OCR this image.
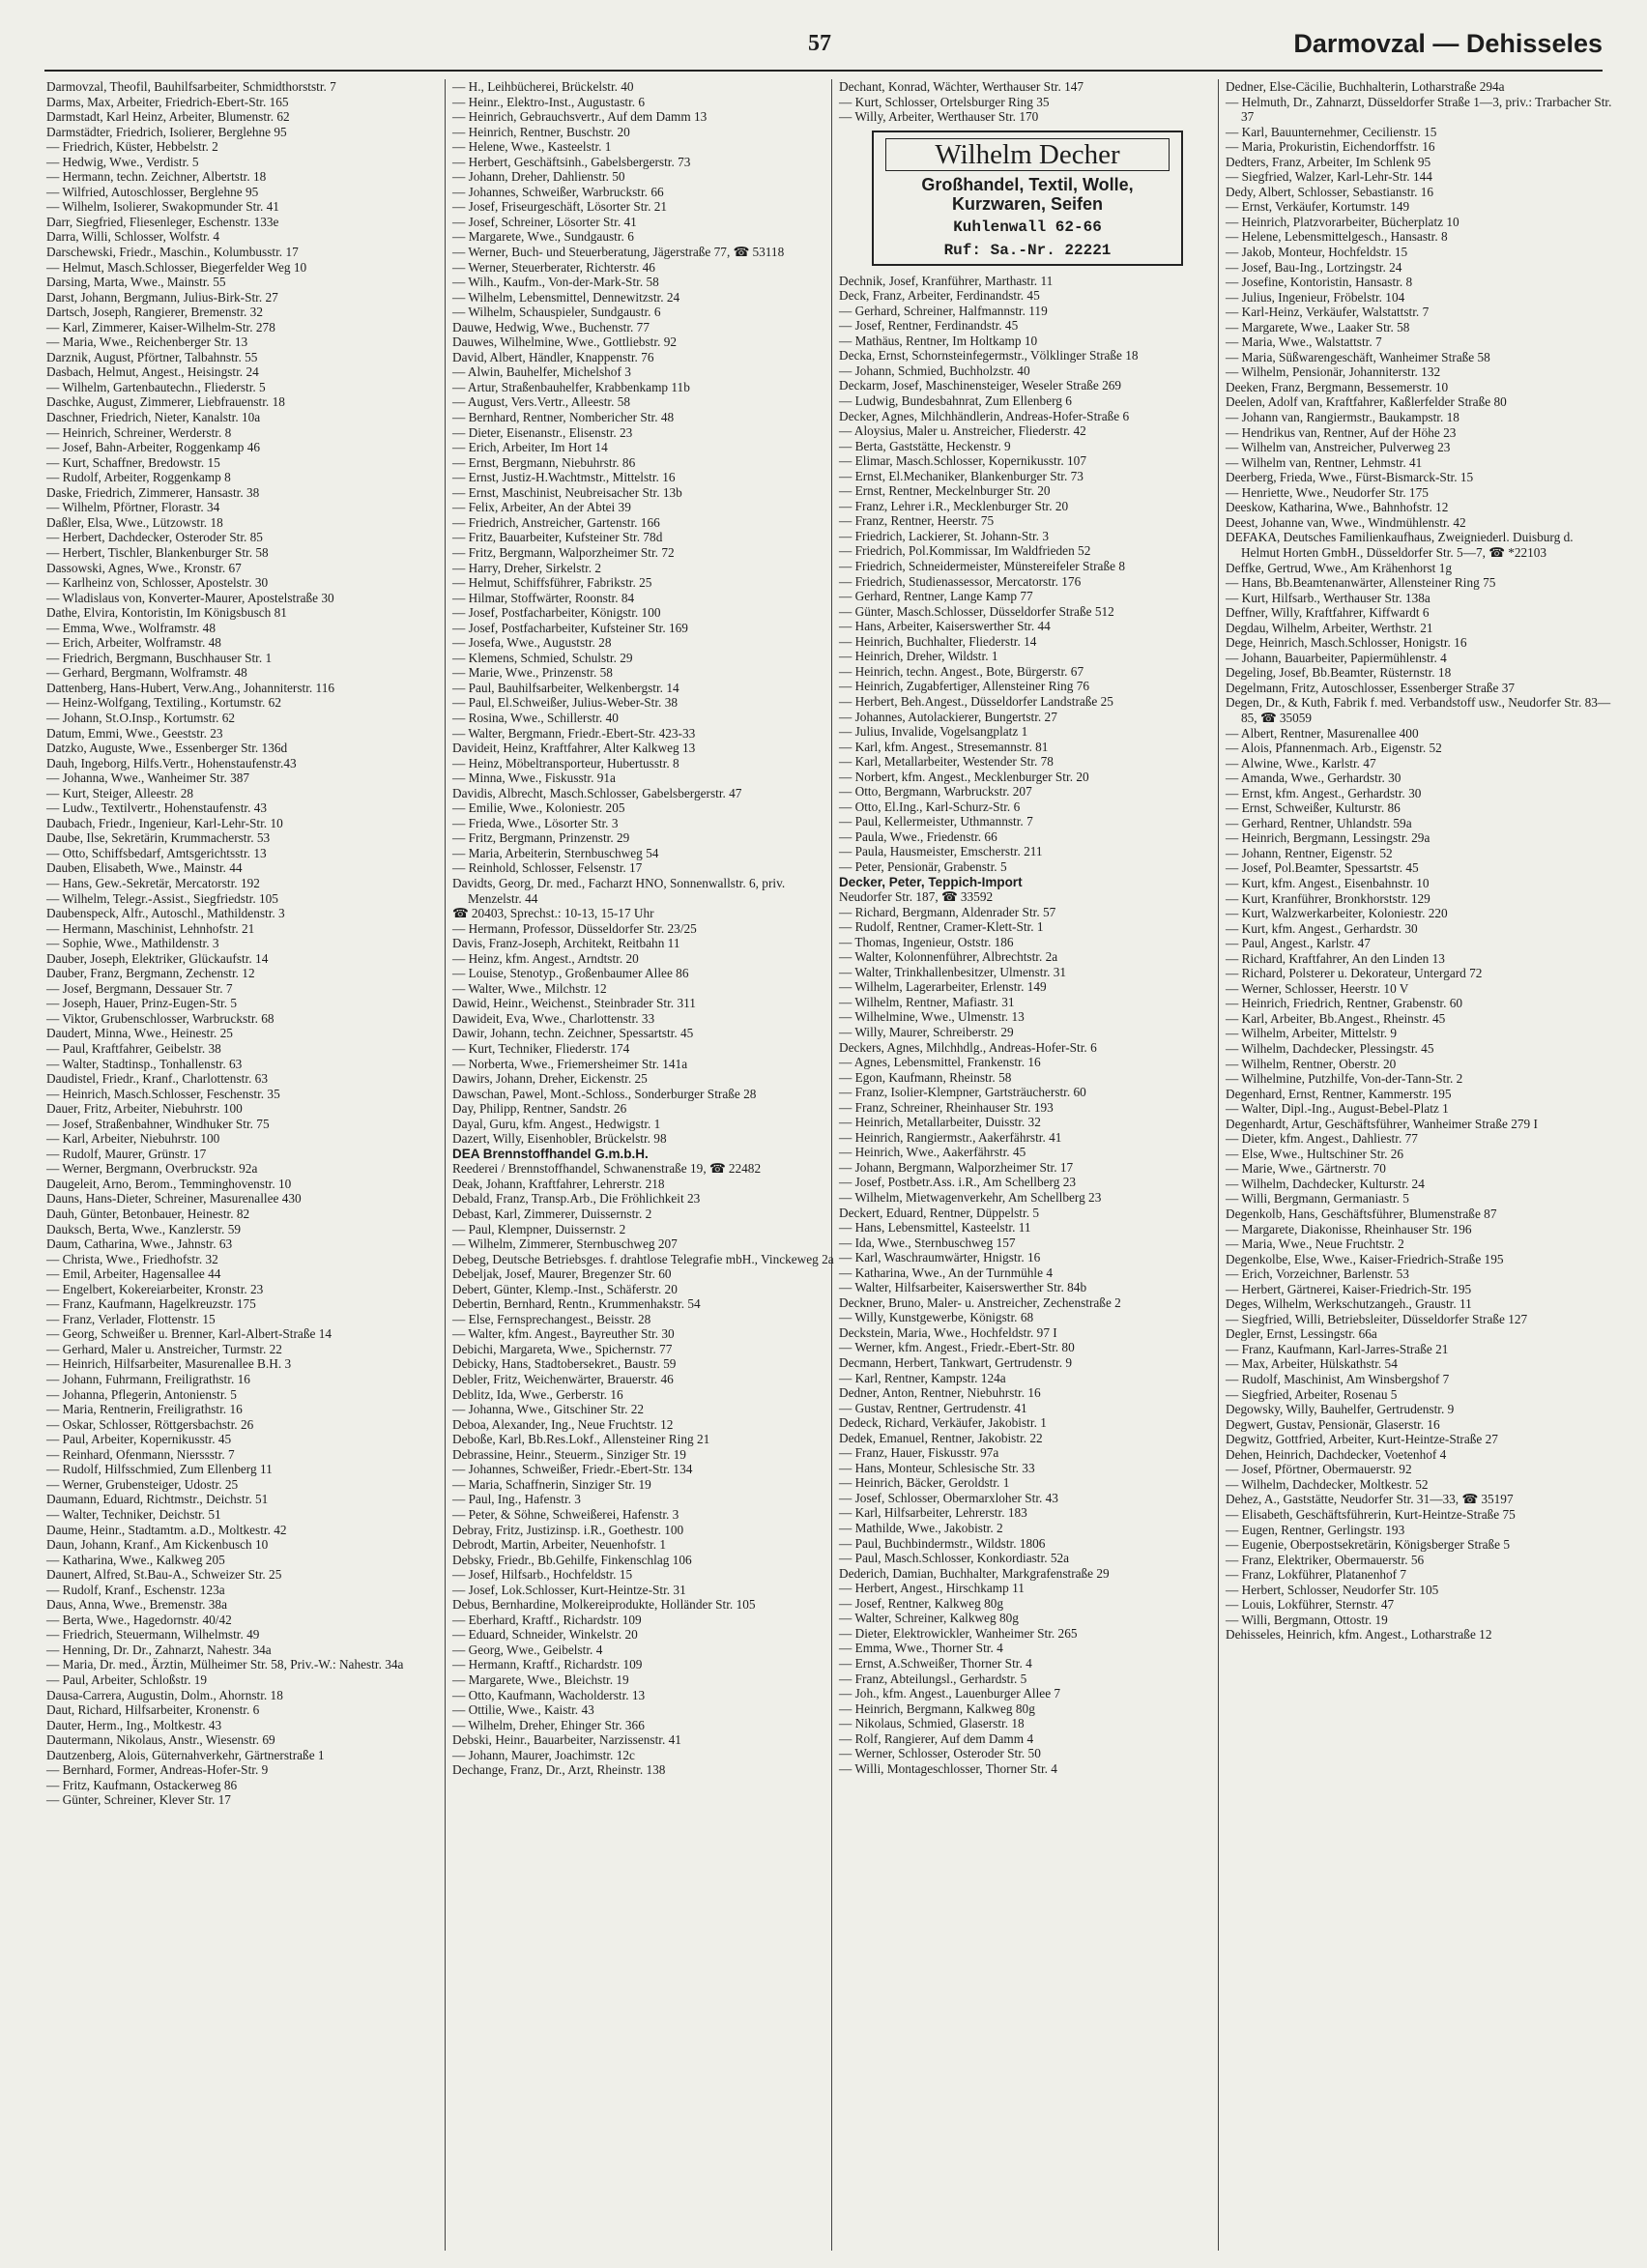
57	Darmovzal — Dehisseles
Darmovzal, Theofil, Bauhilfsarbeiter, Schmidthorststr. 7
Darms, Max, Arbeiter, Friedrich-Ebert-Str. 165
Darmstadt, Karl Heinz, Arbeiter, Blumenstr. 62
Darmstädter, Friedrich, Isolierer, Berglehne 95
— Friedrich, Küster, Hebbelstr. 2
— Hedwig, Wwe., Verdistr. 5
— Hermann, techn. Zeichner, Albertstr. 18
— Wilfried, Autoschlosser, Berglehne 95
— Wilhelm, Isolierer, Swakopmunder Str. 41
Darr, Siegfried, Fliesenleger, Eschenstr. 133e
Darra, Willi, Schlosser, Wolfstr. 4
Darschewski, Friedr., Maschin., Kolumbusstr. 17
— Helmut, Masch.Schlosser, Biegerfelder Weg 10
Darsing, Marta, Wwe., Mainstr. 55
Darst, Johann, Bergmann, Julius-Birk-Str. 27
Dartsch, Joseph, Rangierer, Bremenstr. 32
— Karl, Zimmerer, Kaiser-Wilhelm-Str. 278
— Maria, Wwe., Reichenberger Str. 13
Darznik, August, Pförtner, Talbahnstr. 55
Dasbach, Helmut, Angest., Heisingstr. 24
— Wilhelm, Gartenbautechn., Fliederstr. 5
Daschke, August, Zimmerer, Liebfrauenstr. 18
Daschner, Friedrich, Nieter, Kanalstr. 10a
— Heinrich, Schreiner, Werderstr. 8
— Josef, Bahn-Arbeiter, Roggenkamp 46
— Kurt, Schaffner, Bredowstr. 15
— Rudolf, Arbeiter, Roggenkamp 8
Daske, Friedrich, Zimmerer, Hansastr. 38
— Wilhelm, Pförtner, Florastr. 34
Daßler, Elsa, Wwe., Lützowstr. 18
— Herbert, Dachdecker, Osteroder Str. 85
— Herbert, Tischler, Blankenburger Str. 58
Dassowski, Agnes, Wwe., Kronstr. 67
— Karlheinz von, Schlosser, Apostelstr. 30
— Wladislaus von, Konverter-Maurer, Apostelstraße 30
Dathe, Elvira, Kontoristin, Im Königsbusch 81
— Emma, Wwe., Wolframstr. 48
— Erich, Arbeiter, Wolframstr. 48
— Friedrich, Bergmann, Buschhauser Str. 1
— Gerhard, Bergmann, Wolframstr. 48
Dattenberg, Hans-Hubert, Verw.Ang., Johanniterstr. 116
— Heinz-Wolfgang, Textiling., Kortumstr. 62
— Johann, St.O.Insp., Kortumstr. 62
Datum, Emmi, Wwe., Geeststr. 23
Datzko, Auguste, Wwe., Essenberger Str. 136d
Dauh, Ingeborg, Hilfs.Vertr., Hohenstaufenstr.43
— Johanna, Wwe., Wanheimer Str. 387
— Kurt, Steiger, Alleestr. 28
— Ludw., Textilvertr., Hohenstaufenstr. 43
Daubach, Friedr., Ingenieur, Karl-Lehr-Str. 10
Daube, Ilse, Sekretärin, Krummacherstr. 53
— Otto, Schiffsbedarf, Amtsgerichtsstr. 13
Dauben, Elisabeth, Wwe., Mainstr. 44
— Hans, Gew.-Sekretär, Mercatorstr. 192
— Wilhelm, Telegr.-Assist., Siegfriedstr. 105
Daubenspeck, Alfr., Autoschl., Mathildenstr. 3
— Hermann, Maschinist, Lehnhofstr. 21
— Sophie, Wwe., Mathildenstr. 3
Dauber, Joseph, Elektriker, Glückaufstr. 14
Dauber, Franz, Bergmann, Zechenstr. 12
— Josef, Bergmann, Dessauer Str. 7
— Joseph, Hauer, Prinz-Eugen-Str. 5
— Viktor, Grubenschlosser, Warbruckstr. 68
Daudert, Minna, Wwe., Heinestr. 25
— Paul, Kraftfahrer, Geibelstr. 38
— Walter, Stadtinsp., Tonhallenstr. 63
Daudistel, Friedr., Kranf., Charlottenstr. 63
— Heinrich, Masch.Schlosser, Feschenstr. 35
Dauer, Fritz, Arbeiter, Niebuhrstr. 100
— Josef, Straßenbahner, Windhuker Str. 75
— Karl, Arbeiter, Niebuhrstr. 100
— Rudolf, Maurer, Grünstr. 17
— Werner, Bergmann, Overbruckstr. 92a
Daugeleit, Arno, Berom., Temminghovenstr. 10
Dauns, Hans-Dieter, Schreiner, Masurenallee 430
Dauh, Günter, Betonbauer, Heinestr. 82
Dauksch, Berta, Wwe., Kanzlerstr. 59
Daum, Catharina, Wwe., Jahnstr. 63
— Christa, Wwe., Friedhofstr. 32
— Emil, Arbeiter, Hagensallee 44
— Engelbert, Kokereiarbeiter, Kronstr. 23
— Franz, Kaufmann, Hagelkreuzstr. 175
— Franz, Verlader, Flottenstr. 15
— Georg, Schweißer u. Brenner, Karl-Albert-Straße 14
— Gerhard, Maler u. Anstreicher, Turmstr. 22
— Heinrich, Hilfsarbeiter, Masurenallee B.H. 3
— Johann, Fuhrmann, Freiligrathstr. 16
— Johanna, Pflegerin, Antonienstr. 5
— Maria, Rentnerin, Freiligrathstr. 16
— Oskar, Schlosser, Röttgersbachstr. 26
— Paul, Arbeiter, Kopernikusstr. 45
— Reinhard, Ofenmann, Nierssstr. 7
— Rudolf, Hilfsschmied, Zum Ellenberg 11
— Werner, Grubensteiger, Udostr. 25
Daumann, Eduard, Richtmstr., Deichstr. 51
— Walter, Techniker, Deichstr. 51
Daume, Heinr., Stadtamtm. a.D., Moltkestr. 42
Daun, Johann, Kranf., Am Kickenbusch 10
— Katharina, Wwe., Kalkweg 205
Daunert, Alfred, St.Bau-A., Schweizer Str. 25
— Rudolf, Kranf., Eschenstr. 123a
Daus, Anna, Wwe., Bremenstr. 38a
— Berta, Wwe., Hagedornstr. 40/42
— Friedrich, Steuermann, Wilhelmstr. 49
— Henning, Dr. Dr., Zahnarzt, Nahestr. 34a
— Maria, Dr. med., Ärztin, Mülheimer Str. 58, Priv.-W.: Nahestr. 34a
— Paul, Arbeiter, Schloßstr. 19
Dausa-Carrera, Augustin, Dolm., Ahornstr. 18
Daut, Richard, Hilfsarbeiter, Kronenstr. 6
Dauter, Herm., Ing., Moltkestr. 43
Dautermann, Nikolaus, Anstr., Wiesenstr. 69
Dautzenberg, Alois, Güternahverkehr, Gärtnerstraße 1
— Bernhard, Former, Andreas-Hofer-Str. 9
— Fritz, Kaufmann, Ostackerweg 86
— Günter, Schreiner, Klever Str. 17
— H., Leihbücherei, Brückelstr. 40
— Heinr., Elektro-Inst., Augustastr. 6
— Heinrich, Gebrauchsvertr., Auf dem Damm 13
— Heinrich, Rentner, Buschstr. 20
— Helene, Wwe., Kasteelstr. 1
— Herbert, Geschäftsinh., Gabelsbergerstr. 73
— Johann, Dreher, Dahlienstr. 50
— Johannes, Schweißer, Warbruckstr. 66
— Josef, Friseurgeschäft, Lösorter Str. 21
— Josef, Schreiner, Lösorter Str. 41
— Margarete, Wwe., Sundgaustr. 6
— Werner, Buch- und Steuerberatung, Jägerstraße 77, ☎ 53118
— Werner, Steuerberater, Richterstr. 46
— Wilh., Kaufm., Von-der-Mark-Str. 58
— Wilhelm, Lebensmittel, Dennewitzstr. 24
— Wilhelm, Schauspieler, Sundgaustr. 6
Dauwe, Hedwig, Wwe., Buchenstr. 77
Dauwes, Wilhelmine, Wwe., Gottliebstr. 92
David, Albert, Händler, Knappenstr. 76
— Alwin, Bauhelfer, Michelshof 3
— Artur, Straßenbauhelfer, Krabbenkamp 11b
— August, Vers.Vertr., Alleestr. 58
— Bernhard, Rentner, Nombericher Str. 48
— Dieter, Eisenanstr., Elisenstr. 23
— Erich, Arbeiter, Im Hort 14
— Ernst, Bergmann, Niebuhrstr. 86
— Ernst, Justiz-H.Wachtmstr., Mittelstr. 16
— Ernst, Maschinist, Neubreisacher Str. 13b
— Felix, Arbeiter, An der Abtei 39
— Friedrich, Anstreicher, Gartenstr. 166
— Fritz, Bauarbeiter, Kufsteiner Str. 78d
— Fritz, Bergmann, Walporzheimer Str. 72
— Harry, Dreher, Sirkelstr. 2
— Helmut, Schiffsführer, Fabrikstr. 25
— Hilmar, Stoffwärter, Roonstr. 84
— Josef, Postfacharbeiter, Königstr. 100
— Josef, Postfacharbeiter, Kufsteiner Str. 169
— Josefa, Wwe., Auguststr. 28
— Klemens, Schmied, Schulstr. 29
— Marie, Wwe., Prinzenstr. 58
— Paul, Bauhilfsarbeiter, Welkenbergstr. 14
— Paul, El.Schweißer, Julius-Weber-Str. 38
— Rosina, Wwe., Schillerstr. 40
— Walter, Bergmann, Friedr.-Ebert-Str. 423-33
Davideit, Heinz, Kraftfahrer, Alter Kalkweg 13
— Heinz, Möbeltransporteur, Hubertusstr. 8
— Minna, Wwe., Fiskusstr. 91a
Davidis, Albrecht, Masch.Schlosser, Gabelsbergerstr. 47
— Emilie, Wwe., Koloniestr. 205
— Frieda, Wwe., Lösorter Str. 3
— Fritz, Bergmann, Prinzenstr. 29
— Maria, Arbeiterin, Sternbuschweg 54
— Reinhold, Schlosser, Felsenstr. 17
Davidts, Georg, Dr. med., Facharzt HNO, Sonnenwallstr. 6, priv. Menzelstr. 44
☎ 20403, Sprechst.: 10-13, 15-17 Uhr
— Hermann, Professor, Düsseldorfer Str. 23/25
Davis, Franz-Joseph, Architekt, Reitbahn 11
— Heinz, kfm. Angest., Arndtstr. 20
— Louise, Stenotyp., Großenbaumer Allee 86
— Walter, Wwe., Milchstr. 12
Dawid, Heinr., Weichenst., Steinbrader Str. 311
Dawideit, Eva, Wwe., Charlottenstr. 33
Dawir, Johann, techn. Zeichner, Spessartstr. 45
— Kurt, Techniker, Fliederstr. 174
— Norberta, Wwe., Friemersheimer Str. 141a
Dawirs, Johann, Dreher, Eickenstr. 25
Dawschan, Pawel, Mont.-Schloss., Sonderburger Straße 28
Day, Philipp, Rentner, Sandstr. 26
Dayal, Guru, kfm. Angest., Hedwigstr. 1
Dazert, Willy, Eisenhobler, Brückelstr. 98
DEA Brennstoffhandel G.m.b.H.
Reederei / Brennstoffhandel, Schwanenstraße 19, ☎ 22482
Deak, Johann, Kraftfahrer, Lehrerstr. 218
Debald, Franz, Transp.Arb., Die Fröhlichkeit 23
Debast, Karl, Zimmerer, Duissernstr. 2
— Paul, Klempner, Duissernstr. 2
— Wilhelm, Zimmerer, Sternbuschweg 207
Debeg, Deutsche Betriebsges. f. drahtlose Telegrafie mbH., Vinckeweg 2a
Debeljak, Josef, Maurer, Bregenzer Str. 60
Debert, Günter, Klemp.-Inst., Schäferstr. 20
Debertin, Bernhard, Rentn., Krummenhakstr. 54
— Else, Fernsprechangest., Beisstr. 28
— Walter, kfm. Angest., Bayreuther Str. 30
Debichi, Margareta, Wwe., Spichernstr. 77
Debicky, Hans, Stadtobersekret., Baustr. 59
Debler, Fritz, Weichenwärter, Brauerstr. 46
Deblitz, Ida, Wwe., Gerberstr. 16
— Johanna, Wwe., Gitschiner Str. 22
Deboa, Alexander, Ing., Neue Fruchtstr. 12
Deboße, Karl, Bb.Res.Lokf., Allensteiner Ring 21
Debrassine, Heinr., Steuerm., Sinziger Str. 19
— Johannes, Schweißer, Friedr.-Ebert-Str. 134
— Maria, Schaffnerin, Sinziger Str. 19
— Paul, Ing., Hafenstr. 3
— Peter, & Söhne, Schweißerei, Hafenstr. 3
Debray, Fritz, Justizinsp. i.R., Goethestr. 100
Debrodt, Martin, Arbeiter, Neuenhofstr. 1
Debsky, Friedr., Bb.Gehilfe, Finkenschlag 106
— Josef, Hilfsarb., Hochfeldstr. 15
— Josef, Lok.Schlosser, Kurt-Heintze-Str. 31
Debus, Bernhardine, Molkereiprodukte, Holländer Str. 105
— Eberhard, Kraftf., Richardstr. 109
— Eduard, Schneider, Winkelstr. 20
— Georg, Wwe., Geibelstr. 4
— Hermann, Kraftf., Richardstr. 109
— Margarete, Wwe., Bleichstr. 19
— Otto, Kaufmann, Wacholderstr. 13
— Ottilie, Wwe., Kaistr. 43
— Wilhelm, Dreher, Ehinger Str. 366
Debski, Heinr., Bauarbeiter, Narzissenstr. 41
— Johann, Maurer, Joachimstr. 12c
Dechange, Franz, Dr., Arzt, Rheinstr. 138
Dechant, Konrad, Wächter, Werthauser Str. 147
— Kurt, Schlosser, Ortelsburger Ring 35
— Willy, Arbeiter, Werthauser Str. 170
Wilhelm Decher
Großhandel, Textil, Wolle,
Kurzwaren, Seifen
Kuhlenwall 62-66
Ruf: Sa.-Nr. 22221
Dechnik, Josef, Kranführer, Marthastr. 11
Deck, Franz, Arbeiter, Ferdinandstr. 45
— Gerhard, Schreiner, Halfmannstr. 119
— Josef, Rentner, Ferdinandstr. 45
— Mathäus, Rentner, Im Holtkamp 10
Decka, Ernst, Schornsteinfegermstr., Völklinger Straße 18
— Johann, Schmied, Buchholzstr. 40
Deckarm, Josef, Maschinensteiger, Weseler Straße 269
— Ludwig, Bundesbahnrat, Zum Ellenberg 6
Decker, Agnes, Milchhändlerin, Andreas-Hofer-Straße 6
— Aloysius, Maler u. Anstreicher, Fliederstr. 42
— Berta, Gaststätte, Heckenstr. 9
— Elimar, Masch.Schlosser, Kopernikusstr. 107
— Ernst, El.Mechaniker, Blankenburger Str. 73
— Ernst, Rentner, Meckelnburger Str. 20
— Franz, Lehrer i.R., Mecklenburger Str. 20
— Franz, Rentner, Heerstr. 75
— Friedrich, Lackierer, St. Johann-Str. 3
— Friedrich, Pol.Kommissar, Im Waldfrieden 52
— Friedrich, Schneidermeister, Münstereifeler Straße 8
— Friedrich, Studienassessor, Mercatorstr. 176
— Gerhard, Rentner, Lange Kamp 77
— Günter, Masch.Schlosser, Düsseldorfer Straße 512
— Hans, Arbeiter, Kaiserswerther Str. 44
— Heinrich, Buchhalter, Fliederstr. 14
— Heinrich, Dreher, Wildstr. 1
— Heinrich, techn. Angest., Bote, Bürgerstr. 67
— Heinrich, Zugabfertiger, Allensteiner Ring 76
— Herbert, Beh.Angest., Düsseldorfer Landstraße 25
— Johannes, Autolackierer, Bungertstr. 27
— Julius, Invalide, Vogelsangplatz 1
— Karl, kfm. Angest., Stresemannstr. 81
— Karl, Metallarbeiter, Westender Str. 78
— Norbert, kfm. Angest., Mecklenburger Str. 20
— Otto, Bergmann, Warbruckstr. 207
— Otto, El.Ing., Karl-Schurz-Str. 6
— Paul, Kellermeister, Uthmannstr. 7
— Paula, Wwe., Friedenstr. 66
— Paula, Hausmeister, Emscherstr. 211
— Peter, Pensionär, Grabenstr. 5
Decker, Peter, Teppich-Import
Neudorfer Str. 187, ☎ 33592
— Richard, Bergmann, Aldenrader Str. 57
— Rudolf, Rentner, Cramer-Klett-Str. 1
— Thomas, Ingenieur, Oststr. 186
— Walter, Kolonnenführer, Albrechtstr. 2a
— Walter, Trinkhallenbesitzer, Ulmenstr. 31
— Wilhelm, Lagerarbeiter, Erlenstr. 149
— Wilhelm, Rentner, Mafiastr. 31
— Wilhelmine, Wwe., Ulmenstr. 13
— Willy, Maurer, Schreiberstr. 29
Deckers, Agnes, Milchhdlg., Andreas-Hofer-Str. 6
— Agnes, Lebensmittel, Frankenstr. 16
— Egon, Kaufmann, Rheinstr. 58
— Franz, Isolier-Klempner, Gartsträucherstr. 60
— Franz, Schreiner, Rheinhauser Str. 193
— Heinrich, Metallarbeiter, Duisstr. 32
— Heinrich, Rangiermstr., Aakerfährstr. 41
— Heinrich, Wwe., Aakerfährstr. 45
— Johann, Bergmann, Walporzheimer Str. 17
— Josef, Postbetr.Ass. i.R., Am Schellberg 23
— Wilhelm, Mietwagenverkehr, Am Schellberg 23
Deckert, Eduard, Rentner, Düppelstr. 5
— Hans, Lebensmittel, Kasteelstr. 11
— Ida, Wwe., Sternbuschweg 157
— Karl, Waschraumwärter, Hnigstr. 16
— Katharina, Wwe., An der Turnmühle 4
— Walter, Hilfsarbeiter, Kaiserswerther Str. 84b
Deckner, Bruno, Maler- u. Anstreicher, Zechenstraße 2
— Willy, Kunstgewerbe, Königstr. 68
Deckstein, Maria, Wwe., Hochfeldstr. 97 I
— Werner, kfm. Angest., Friedr.-Ebert-Str. 80
Decmann, Herbert, Tankwart, Gertrudenstr. 9
— Karl, Rentner, Kampstr. 124a
Dedner, Anton, Rentner, Niebuhrstr. 16
— Gustav, Rentner, Gertrudenstr. 41
Dedeck, Richard, Verkäufer, Jakobistr. 1
Dedek, Emanuel, Rentner, Jakobistr. 22
— Franz, Hauer, Fiskusstr. 97a
— Hans, Monteur, Schlesische Str. 33
— Heinrich, Bäcker, Geroldstr. 1
— Josef, Schlosser, Obermarxloher Str. 43
— Karl, Hilfsarbeiter, Lehrerstr. 183
— Mathilde, Wwe., Jakobistr. 2
— Paul, Buchbindermstr., Wildstr. 1806
— Paul, Masch.Schlosser, Konkordiastr. 52a
Dederich, Damian, Buchhalter, Markgrafenstraße 29
— Herbert, Angest., Hirschkamp 11
— Josef, Rentner, Kalkweg 80g
— Walter, Schreiner, Kalkweg 80g
— Dieter, Elektrowickler, Wanheimer Str. 265
— Emma, Wwe., Thorner Str. 4
— Ernst, A.Schweißer, Thorner Str. 4
— Franz, Abteilungsl., Gerhardstr. 5
— Joh., kfm. Angest., Lauenburger Allee 7
— Heinrich, Bergmann, Kalkweg 80g
— Nikolaus, Schmied, Glaserstr. 18
— Rolf, Rangierer, Auf dem Damm 4
— Werner, Schlosser, Osteroder Str. 50
— Willi, Montageschlosser, Thorner Str. 4
Dedner, Else-Cäcilie, Buchhalterin, Lotharstraße 294a
— Helmuth, Dr., Zahnarzt, Düsseldorfer Straße 1—3, priv.: Trarbacher Str. 37
— Karl, Bauunternehmer, Cecilienstr. 15
— Maria, Prokuristin, Eichendorffstr. 16
Dedters, Franz, Arbeiter, Im Schlenk 95
— Siegfried, Walzer, Karl-Lehr-Str. 144
Dedy, Albert, Schlosser, Sebastianstr. 16
— Ernst, Verkäufer, Kortumstr. 149
— Heinrich, Platzvorarbeiter, Bücherplatz 10
— Helene, Lebensmittelgesch., Hansastr. 8
— Jakob, Monteur, Hochfeldstr. 15
— Josef, Bau-Ing., Lortzingstr. 24
— Josefine, Kontoristin, Hansastr. 8
— Julius, Ingenieur, Fröbelstr. 104
— Karl-Heinz, Verkäufer, Walstattstr. 7
— Margarete, Wwe., Laaker Str. 58
— Maria, Wwe., Walstattstr. 7
— Maria, Süßwarengeschäft, Wanheimer Straße 58
— Wilhelm, Pensionär, Johanniterstr. 132
Deeken, Franz, Bergmann, Bessemerstr. 10
Deelen, Adolf van, Kraftfahrer, Kaßlerfelder Straße 80
— Johann van, Rangiermstr., Baukampstr. 18
— Hendrikus van, Rentner, Auf der Höhe 23
— Wilhelm van, Anstreicher, Pulverweg 23
— Wilhelm van, Rentner, Lehmstr. 41
Deerberg, Frieda, Wwe., Fürst-Bismarck-Str. 15
— Henriette, Wwe., Neudorfer Str. 175
Deeskow, Katharina, Wwe., Bahnhofstr. 12
Deest, Johanne van, Wwe., Windmühlenstr. 42
DEFAKA, Deutsches Familienkaufhaus, Zweigniederl. Duisburg d. Helmut Horten GmbH., Düsseldorfer Str. 5—7, ☎ *22103
Deffke, Gertrud, Wwe., Am Krähenhorst 1g
— Hans, Bb.Beamtenanwärter, Allensteiner Ring 75
— Kurt, Hilfsarb., Werthauser Str. 138a
Deffner, Willy, Kraftfahrer, Kiffwardt 6
Degdau, Wilhelm, Arbeiter, Werthstr. 21
Dege, Heinrich, Masch.Schlosser, Honigstr. 16
— Johann, Bauarbeiter, Papiermühlenstr. 4
Degeling, Josef, Bb.Beamter, Rüsternstr. 18
Degelmann, Fritz, Autoschlosser, Essenberger Straße 37
Degen, Dr., & Kuth, Fabrik f. med. Verbandstoff usw., Neudorfer Str. 83—85, ☎ 35059
— Albert, Rentner, Masurenallee 400
— Alois, Pfannenmach. Arb., Eigenstr. 52
— Alwine, Wwe., Karlstr. 47
— Amanda, Wwe., Gerhardstr. 30
— Ernst, kfm. Angest., Gerhardstr. 30
— Ernst, Schweißer, Kulturstr. 86
— Gerhard, Rentner, Uhlandstr. 59a
— Heinrich, Bergmann, Lessingstr. 29a
— Johann, Rentner, Eigenstr. 52
— Josef, Pol.Beamter, Spessartstr. 45
— Kurt, kfm. Angest., Eisenbahnstr. 10
— Kurt, Kranführer, Bronkhorststr. 129
— Kurt, Walzwerkarbeiter, Koloniestr. 220
— Kurt, kfm. Angest., Gerhardstr. 30
— Paul, Angest., Karlstr. 47
— Richard, Kraftfahrer, An den Linden 13
— Richard, Polsterer u. Dekorateur, Untergard 72
— Werner, Schlosser, Heerstr. 10 V
— Heinrich, Friedrich, Rentner, Grabenstr. 60
— Karl, Arbeiter, Bb.Angest., Rheinstr. 45
— Wilhelm, Arbeiter, Mittelstr. 9
— Wilhelm, Dachdecker, Plessingstr. 45
— Wilhelm, Rentner, Oberstr. 20
— Wilhelmine, Putzhilfe, Von-der-Tann-Str. 2
Degenhard, Ernst, Rentner, Kammerstr. 195
— Walter, Dipl.-Ing., August-Bebel-Platz 1
Degenhardt, Artur, Geschäftsführer, Wanheimer Straße 279 I
— Dieter, kfm. Angest., Dahliestr. 77
— Else, Wwe., Hultschiner Str. 26
— Marie, Wwe., Gärtnerstr. 70
— Wilhelm, Dachdecker, Kulturstr. 24
— Willi, Bergmann, Germaniastr. 5
Degenkolb, Hans, Geschäftsführer, Blumenstraße 87
— Margarete, Diakonisse, Rheinhauser Str. 196
— Maria, Wwe., Neue Fruchtstr. 2
Degenkolbe, Else, Wwe., Kaiser-Friedrich-Straße 195
— Erich, Vorzeichner, Barlenstr. 53
— Herbert, Gärtnerei, Kaiser-Friedrich-Str. 195
Deges, Wilhelm, Werkschutzangeh., Graustr. 11
— Siegfried, Willi, Betriebsleiter, Düsseldorfer Straße 127
Degler, Ernst, Lessingstr. 66a
— Franz, Kaufmann, Karl-Jarres-Straße 21
— Max, Arbeiter, Hülskathstr. 54
— Rudolf, Maschinist, Am Winsbergshof 7
— Siegfried, Arbeiter, Rosenau 5
Degowsky, Willy, Bauhelfer, Gertrudenstr. 9
Degwert, Gustav, Pensionär, Glaserstr. 16
Degwitz, Gottfried, Arbeiter, Kurt-Heintze-Straße 27
Dehen, Heinrich, Dachdecker, Voetenhof 4
— Josef, Pförtner, Obermauerstr. 92
— Wilhelm, Dachdecker, Moltkestr. 52
Dehez, A., Gaststätte, Neudorfer Str. 31—33, ☎ 35197
— Elisabeth, Geschäftsführerin, Kurt-Heintze-Straße 75
— Eugen, Rentner, Gerlingstr. 193
— Eugenie, Oberpostsekretärin, Königsberger Straße 5
— Franz, Elektriker, Obermauerstr. 56
— Franz, Lokführer, Platanenhof 7
— Herbert, Schlosser, Neudorfer Str. 105
— Louis, Lokführer, Sternstr. 47
— Willi, Bergmann, Ottostr. 19
Dehisseles, Heinrich, kfm. Angest., Lotharstraße 12
